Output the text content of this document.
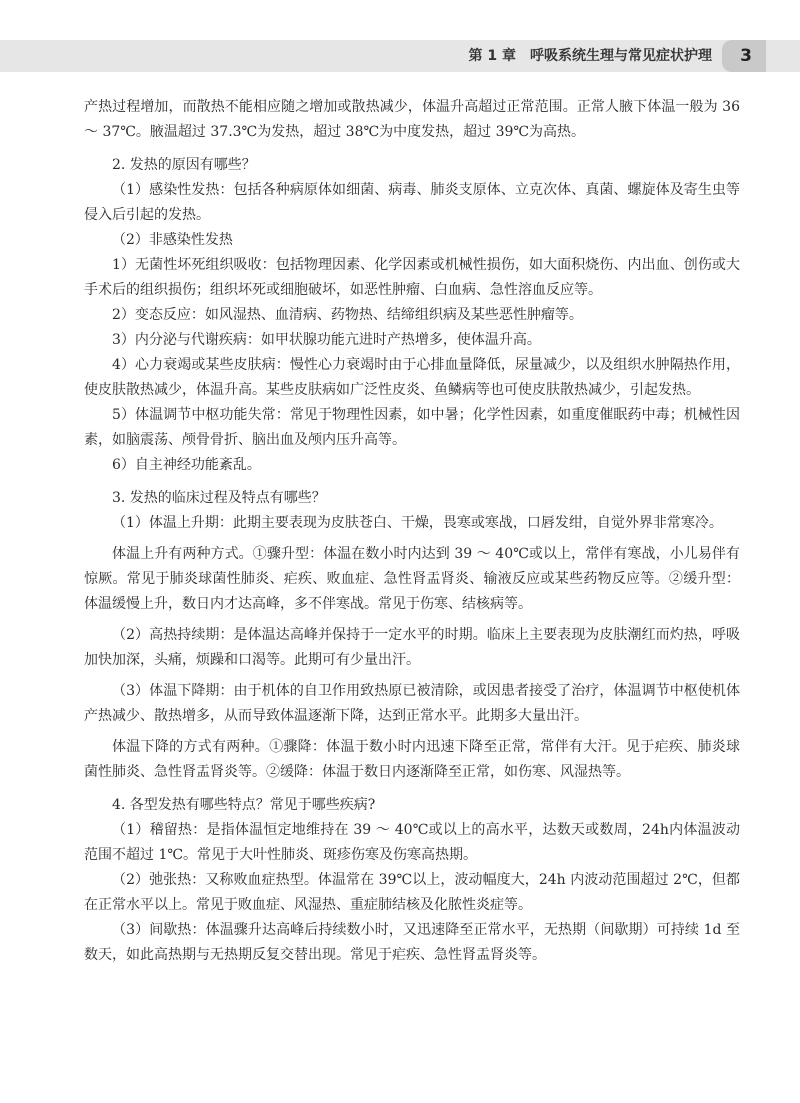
第 1 章　呼吸系统生理与常见症状护理	3

产热过程增加，而散热不能相应随之增加或散热减少，体温升高超过正常范围。正常人腋下体温一般为 36 ～ 37℃。腋温超过 37.3℃为发热，超过 38℃为中度发热，超过 39℃为高热。

2. 发热的原因有哪些？

（1）感染性发热：包括各种病原体如细菌、病毒、肺炎支原体、立克次体、真菌、螺旋体及寄生虫等侵入后引起的发热。

（2）非感染性发热

1）无菌性坏死组织吸收：包括物理因素、化学因素或机械性损伤，如大面积烧伤、内出血、创伤或大手术后的组织损伤；组织坏死或细胞破坏，如恶性肿瘤、白血病、急性溶血反应等。

2）变态反应：如风湿热、血清病、药物热、结缔组织病及某些恶性肿瘤等。

3）内分泌与代谢疾病：如甲状腺功能亢进时产热增多，使体温升高。

4）心力衰竭或某些皮肤病：慢性心力衰竭时由于心排血量降低，尿量减少，以及组织水肿隔热作用，使皮肤散热减少，体温升高。某些皮肤病如广泛性皮炎、鱼鳞病等也可使皮肤散热减少，引起发热。

5）体温调节中枢功能失常：常见于物理性因素，如中暑；化学性因素，如重度催眠药中毒；机械性因素，如脑震荡、颅骨骨折、脑出血及颅内压升高等。

6）自主神经功能紊乱。

3. 发热的临床过程及特点有哪些？

（1）体温上升期：此期主要表现为皮肤苍白、干燥，畏寒或寒战，口唇发绀，自觉外界非常寒冷。

体温上升有两种方式。①骤升型：体温在数小时内达到 39 ～ 40℃或以上，常伴有寒战，小儿易伴有惊厥。常见于肺炎球菌性肺炎、疟疾、败血症、急性肾盂肾炎、输液反应或某些药物反应等。②缓升型：体温缓慢上升，数日内才达高峰，多不伴寒战。常见于伤寒、结核病等。

（2）高热持续期：是体温达高峰并保持于一定水平的时期。临床上主要表现为皮肤潮红而灼热，呼吸加快加深，头痛，烦躁和口渴等。此期可有少量出汗。

（3）体温下降期：由于机体的自卫作用致热原已被清除，或因患者接受了治疗，体温调节中枢使机体产热减少、散热增多，从而导致体温逐渐下降，达到正常水平。此期多大量出汗。

体温下降的方式有两种。①骤降：体温于数小时内迅速下降至正常，常伴有大汗。见于疟疾、肺炎球菌性肺炎、急性肾盂肾炎等。②缓降：体温于数日内逐渐降至正常，如伤寒、风湿热等。

4. 各型发热有哪些特点？常见于哪些疾病?

（1）稽留热：是指体温恒定地维持在 39 ～ 40℃或以上的高水平，达数天或数周，24h内体温波动范围不超过 1℃。常见于大叶性肺炎、斑疹伤寒及伤寒高热期。

（2）弛张热：又称败血症热型。体温常在 39℃以上，波动幅度大，24h 内波动范围超过 2℃，但都在正常水平以上。常见于败血症、风湿热、重症肺结核及化脓性炎症等。

（3）间歇热：体温骤升达高峰后持续数小时，又迅速降至正常水平，无热期（间歇期）可持续 1d 至数天，如此高热期与无热期反复交替出现。常见于疟疾、急性肾盂肾炎等。
